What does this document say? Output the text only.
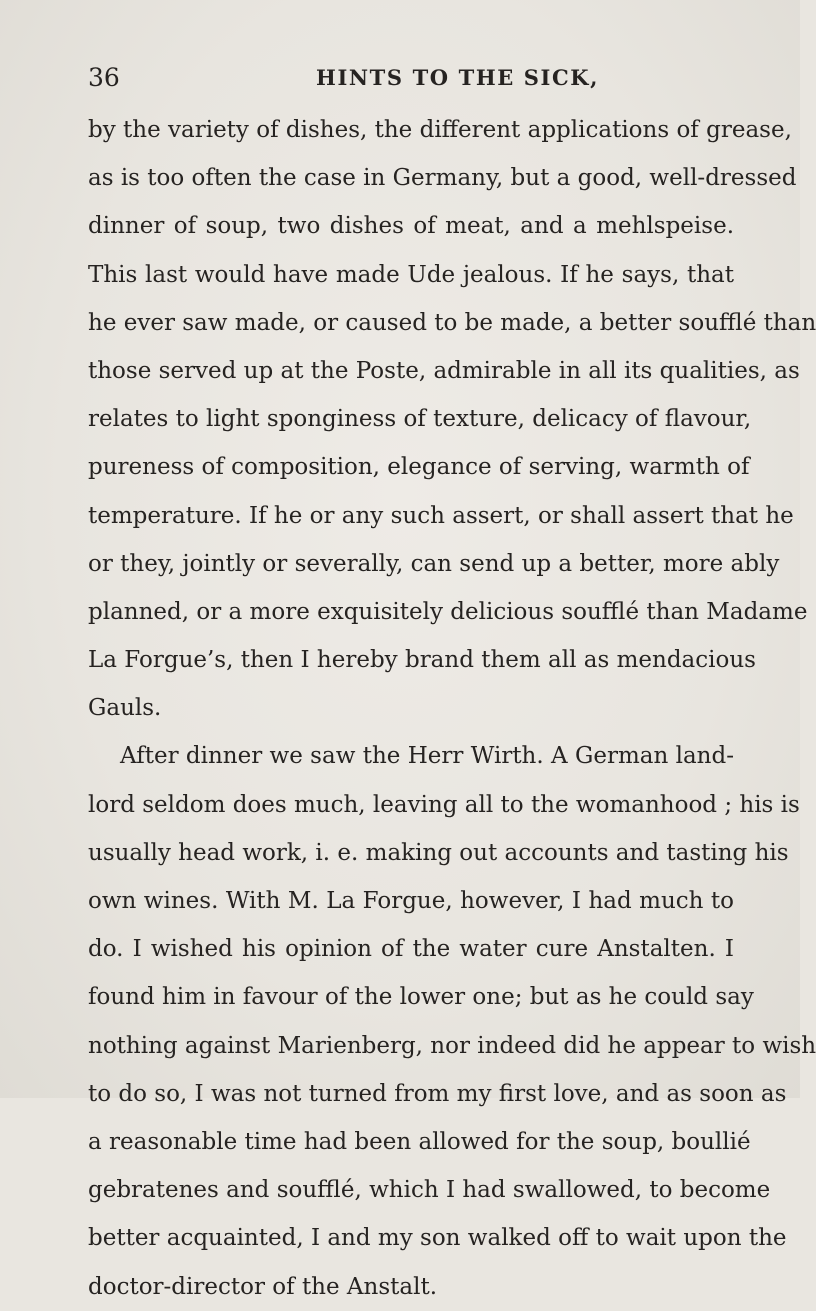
36	HINTS TO THE SICK,
by the variety of dishes, the different applications of grease,
as is too often the case in Germany, but a good, well-dressed
dinner of soup, two dishes of meat, and a mehlspeise.
This last would have made Ude jealous. If he says, that
he ever saw made, or caused to be made, a better soufflé than
those served up at the Poste, admirable in all its qualities, as
relates to light sponginess of texture, delicacy of flavour,
pureness of composition, elegance of serving, warmth of
temperature. If he or any such assert, or shall assert that he
or they, jointly or severally, can send up a better, more ably
planned, or a more exquisitely delicious soufflé than Madame
La Forgue’s, then I hereby brand them all as mendacious
Gauls.
After dinner we saw the Herr Wirth. A German land-
lord seldom does much, leaving all to the womanhood ; his is
usually head work, i. e. making out accounts and tasting his
own wines. With M. La Forgue, however, I had much to
do. I wished his opinion of the water cure Anstalten. I
found him in favour of the lower one; but as he could say
nothing against Marienberg, nor indeed did he appear to wish
to do so, I was not turned from my first love, and as soon as
a reasonable time had been allowed for the soup, boullié
gebratenes and soufflé, which I had swallowed, to become
better acquainted, I and my son walked off to wait upon the
doctor-director of the Anstalt.
